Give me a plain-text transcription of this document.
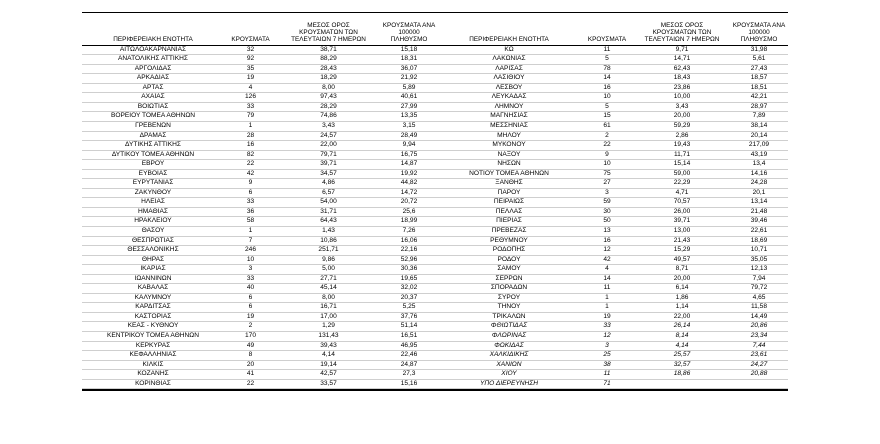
ΠΕΡΙΦΕΡΕΙΑΚΗ ΕΝΟΤΗΤΑ	ΚΡΟΥΣΜΑΤΑ	ΜΕΣΟΣ ΟΡΟΣ
ΚΡΟΥΣΜΑΤΩΝ ΤΩΝ
ΤΕΛΕΥΤΑΙΩΝ 7 ΗΜΕΡΩΝ	ΚΡΟΥΣΜΑΤΑ ΑΝΑ 100000
ΠΛΗΘΥΣΜΟ	ΠΕΡΙΦΕΡΕΙΑΚΗ ΕΝΟΤΗΤΑ	ΚΡΟΥΣΜΑΤΑ	ΜΕΣΟΣ ΟΡΟΣ
ΚΡΟΥΣΜΑΤΩΝ ΤΩΝ
ΤΕΛΕΥΤΑΙΩΝ 7 ΗΜΕΡΩΝ	ΚΡΟΥΣΜΑΤΑ ΑΝΑ 100000
ΠΛΗΘΥΣΜΟ
ΑΙΤΩΛΟΑΚΑΡΝΑΝΙΑΣ	32	38,71	15,18	ΚΩ	11	9,71	31,98
ΑΝΑΤΟΛΙΚΗΣ ΑΤΤΙΚΗΣ	92	88,29	18,31	ΛΑΚΩΝΙΑΣ	5	14,71	5,61
ΑΡΓΟΛΙΔΑΣ	35	28,43	36,07	ΛΑΡΙΣΑΣ	78	62,43	27,43
ΑΡΚΑΔΙΑΣ	19	18,29	21,92	ΛΑΣΙΘΙΟΥ	14	18,43	18,57
ΑΡΤΑΣ	4	8,00	5,89	ΛΕΣΒΟΥ	16	23,86	18,51
ΑΧΑΪΑΣ	126	97,43	40,61	ΛΕΥΚΑΔΑΣ	10	10,00	42,21
ΒΟΙΩΤΙΑΣ	33	28,29	27,99	ΛΗΜΝΟΥ	5	3,43	28,97
ΒΟΡΕΙΟΥ ΤΟΜΕΑ ΑΘΗΝΩΝ	79	74,86	13,35	ΜΑΓΝΗΣΙΑΣ	15	20,00	7,89
ΓΡΕΒΕΝΩΝ	1	3,43	3,15	ΜΕΣΣΗΝΙΑΣ	61	59,29	38,14
ΔΡΑΜΑΣ	28	24,57	28,49	ΜΗΛΟΥ	2	2,86	20,14
ΔΥΤΙΚΗΣ ΑΤΤΙΚΗΣ	16	22,00	9,94	ΜΥΚΟΝΟΥ	22	19,43	217,09
ΔΥΤΙΚΟΥ ΤΟΜΕΑ ΑΘΗΝΩΝ	82	79,71	16,75	ΝΑΞΟΥ	9	11,71	43,19
ΕΒΡΟΥ	22	39,71	14,87	ΝΗΣΩΝ	10	15,14	13,4
ΕΥΒΟΙΑΣ	42	34,57	19,92	ΝΟΤΙΟΥ ΤΟΜΕΑ ΑΘΗΝΩΝ	75	59,00	14,16
ΕΥΡΥΤΑΝΙΑΣ	9	4,86	44,82	ΞΑΝΘΗΣ	27	22,29	24,28
ΖΑΚΥΝΘΟΥ	6	6,57	14,72	ΠΑΡΟΥ	3	4,71	20,1
ΗΛΕΙΑΣ	33	54,00	20,72	ΠΕΙΡΑΙΩΣ	59	70,57	13,14
ΗΜΑΘΙΑΣ	36	31,71	25,6	ΠΕΛΛΑΣ	30	26,00	21,48
ΗΡΑΚΛΕΙΟΥ	58	64,43	18,99	ΠΙΕΡΙΑΣ	50	39,71	39,46
ΘΑΣΟΥ	1	1,43	7,26	ΠΡΕΒΕΖΑΣ	13	13,00	22,61
ΘΕΣΠΡΩΤΙΑΣ	7	10,86	16,06	ΡΕΘΥΜΝΟΥ	16	21,43	18,69
ΘΕΣΣΑΛΟΝΙΚΗΣ	246	251,71	22,16	ΡΟΔΟΠΗΣ	12	15,29	10,71
ΘΗΡΑΣ	10	9,86	52,96	ΡΟΔΟΥ	42	49,57	35,05
ΙΚΑΡΙΑΣ	3	5,00	30,36	ΣΑΜΟΥ	4	8,71	12,13
ΙΩΑΝΝΙΝΩΝ	33	27,71	19,65	ΣΕΡΡΩΝ	14	20,00	7,94
ΚΑΒΑΛΑΣ	40	45,14	32,02	ΣΠΟΡΑΔΩΝ	11	6,14	79,72
ΚΑΛΥΜΝΟΥ	6	8,00	20,37	ΣΥΡΟΥ	1	1,86	4,65
ΚΑΡΔΙΤΣΑΣ	6	16,71	5,25	ΤΗΝΟΥ	1	1,14	11,58
ΚΑΣΤΟΡΙΑΣ	19	17,00	37,76	ΤΡΙΚΑΛΩΝ	19	22,00	14,49
ΚΕΑΣ - ΚΥΘΝΟΥ	2	1,29	51,14	ΦΘΙΩΤΙΔΑΣ	33	26,14	20,86
ΚΕΝΤΡΙΚΟΥ ΤΟΜΕΑ ΑΘΗΝΩΝ	170	131,43	16,51	ΦΛΩΡΙΝΑΣ	12	8,14	23,34
ΚΕΡΚΥΡΑΣ	49	39,43	46,95	ΦΩΚΙΔΑΣ	3	4,14	7,44
ΚΕΦΑΛΛΗΝΙΑΣ	8	4,14	22,46	ΧΑΛΚΙΔΙΚΗΣ	25	25,57	23,61
ΚΙΛΚΙΣ	20	19,14	24,87	ΧΑΝΙΩΝ	38	32,57	24,27
ΚΟΖΑΝΗΣ	41	42,57	27,3	ΧΙΟΥ	11	18,86	20,88
ΚΟΡΙΝΘΙΑΣ	22	33,57	15,16	ΥΠΟ ΔΙΕΡΕΥΝΗΣΗ	71		
